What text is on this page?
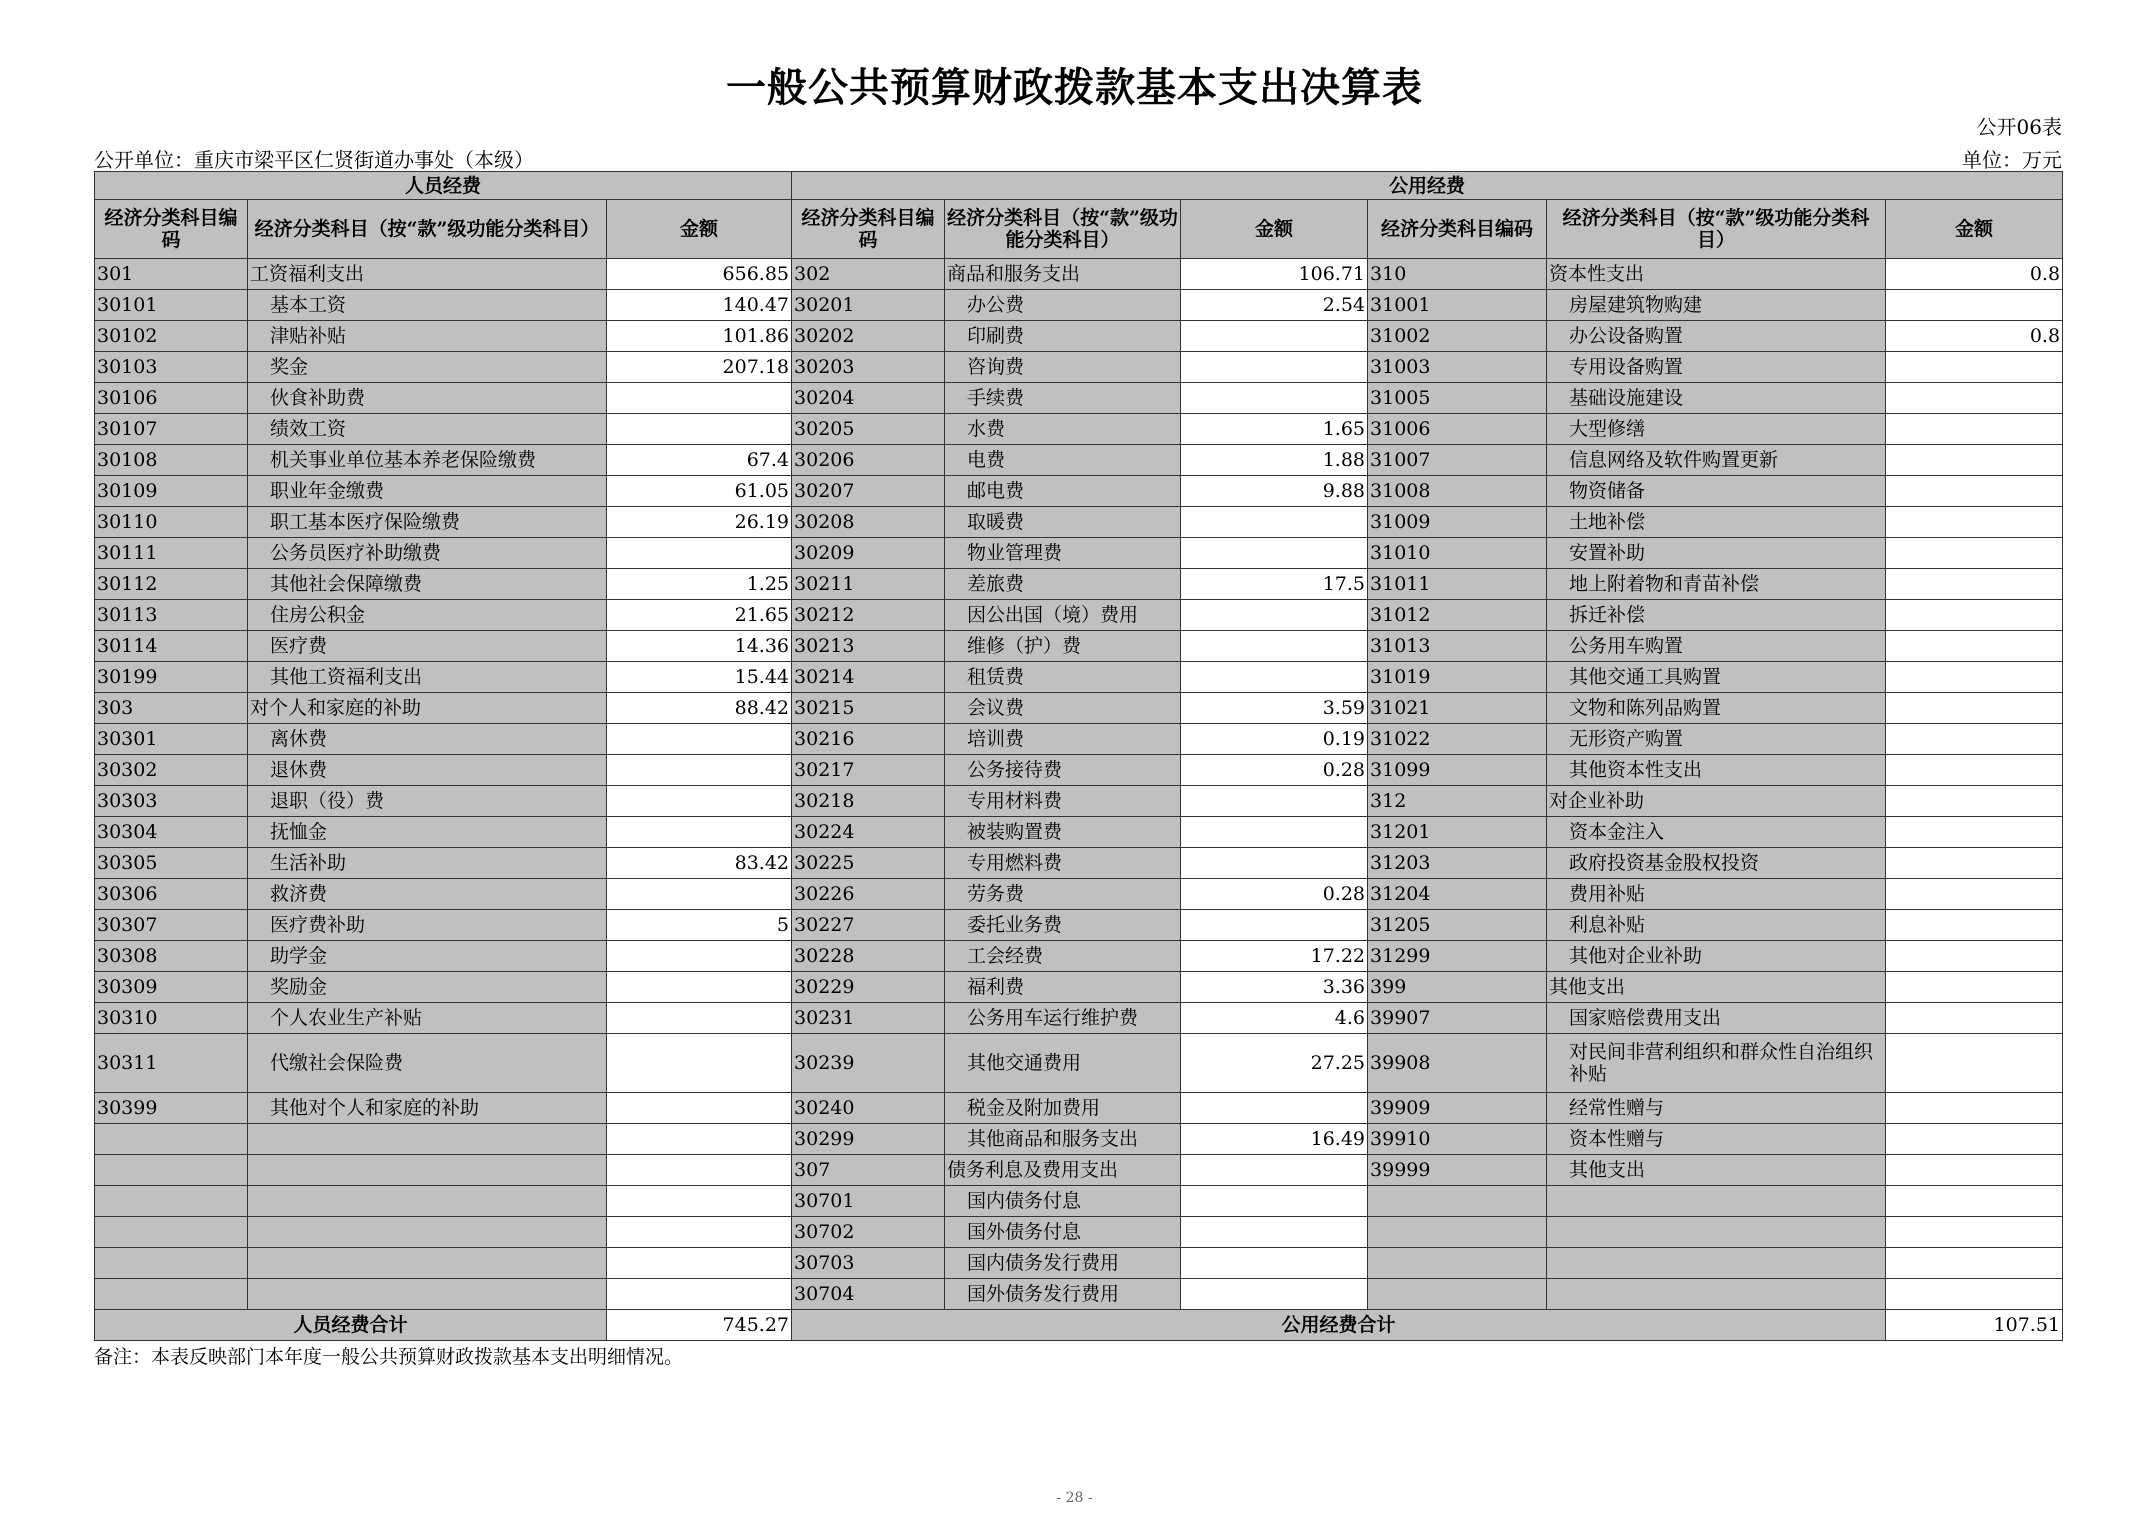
一般公共预算财政拨款基本支出决算表
公开06表
公开单位：重庆市梁平区仁贤街道办事处（本级）	单位：万元
人员经费			公用经费					
经济分类科目编码	经济分类科目（按“款”级功能分类科目）	金额	经济分类科目编码	经济分类科目（按“款”级功能分类科目）	金额	经济分类科目编码	经济分类科目（按“款”级功能分类科目）	金额
301	工资福利支出	656.85	302	商品和服务支出	106.71	310	资本性支出	0.8
30101	基本工资	140.47	30201	办公费	2.54	31001	房屋建筑物购建	
30102	津贴补贴	101.86	30202	印刷费		31002	办公设备购置	0.8
30103	奖金	207.18	30203	咨询费		31003	专用设备购置	
30106	伙食补助费		30204	手续费		31005	基础设施建设	
30107	绩效工资		30205	水费	1.65	31006	大型修缮	
30108	机关事业单位基本养老保险缴费	67.4	30206	电费	1.88	31007	信息网络及软件购置更新	
30109	职业年金缴费	61.05	30207	邮电费	9.88	31008	物资储备	
30110	职工基本医疗保险缴费	26.19	30208	取暖费		31009	土地补偿	
30111	公务员医疗补助缴费		30209	物业管理费		31010	安置补助	
30112	其他社会保障缴费	1.25	30211	差旅费	17.5	31011	地上附着物和青苗补偿	
30113	住房公积金	21.65	30212	因公出国（境）费用		31012	拆迁补偿	
30114	医疗费	14.36	30213	维修（护）费		31013	公务用车购置	
30199	其他工资福利支出	15.44	30214	租赁费		31019	其他交通工具购置	
303	对个人和家庭的补助	88.42	30215	会议费	3.59	31021	文物和陈列品购置	
30301	离休费		30216	培训费	0.19	31022	无形资产购置	
30302	退休费		30217	公务接待费	0.28	31099	其他资本性支出	
30303	退职（役）费		30218	专用材料费		312	对企业补助	
30304	抚恤金		30224	被装购置费		31201	资本金注入	
30305	生活补助	83.42	30225	专用燃料费		31203	政府投资基金股权投资	
30306	救济费		30226	劳务费	0.28	31204	费用补贴	
30307	医疗费补助	5	30227	委托业务费		31205	利息补贴	
30308	助学金		30228	工会经费	17.22	31299	其他对企业补助	
30309	奖励金		30229	福利费	3.36	399	其他支出	
30310	个人农业生产补贴		30231	公务用车运行维护费	4.6	39907	国家赔偿费用支出	
30311	代缴社会保险费		30239	其他交通费用	27.25	39908	对民间非营利组织和群众性自治组织补贴	
30399	其他对个人和家庭的补助		30240	税金及附加费用		39909	经常性赠与	
			30299	其他商品和服务支出	16.49	39910	资本性赠与	
			307	债务利息及费用支出		39999	其他支出	
			30701	国内债务付息				
			30702	国外债务付息				
			30703	国内债务发行费用				
			30704	国外债务发行费用				
人员经费合计		745.27	公用经费合计					107.51
备注：本表反映部门本年度一般公共预算财政拨款基本支出明细情况。
- 28 -
